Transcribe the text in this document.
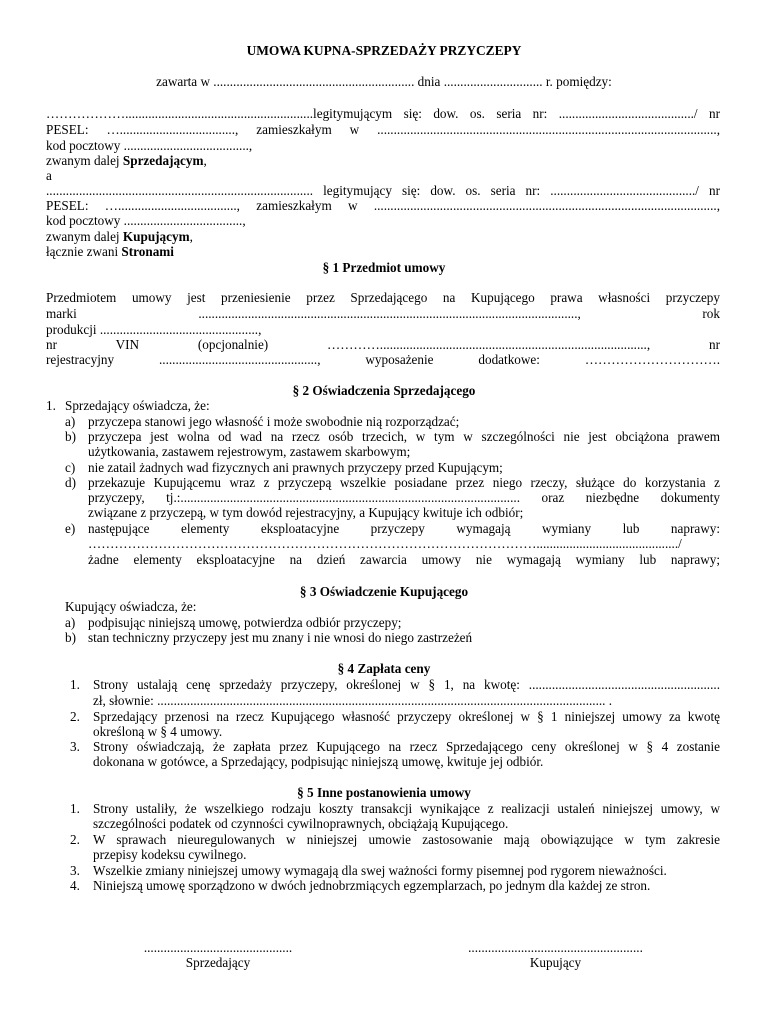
UMOWA KUPNA-SPRZEDAŻY PRZYCZEPY
zawarta w ............................................................. dnia .............................. r. pomiędzy:
……………….........................................................legitymującym się: dow. os. seria nr: ........................................./ nr
PESEL: …..................................., zamieszkałym w .......................................................................................................,
kod pocztowy ......................................,
zwanym dalej Sprzedającym,
a
................................................................................. legitymujący się: dow. os. seria nr: ............................................/ nr
PESEL: …...................................., zamieszkałym w ........................................................................................................,
kod pocztowy ....................................,
zwanym dalej Kupującym,
łącznie zwani Stronami
§ 1 Przedmiot umowy
Przedmiotem umowy jest przeniesienie przez Sprzedającego na Kupującego prawa własności przyczepy
marki ..................................................................................................................., rok
produkcji ................................................,
nr VIN (opcjonalnie) …………................................................................................., nr
rejestracyjny ................................................, wyposażenie dodatkowe: ………………………….
§ 2 Oświadczenia Sprzedającego
1. Sprzedający oświadcza, że:
a) przyczepa stanowi jego własność i może swobodnie nią rozporządzać;
b) przyczepa jest wolna od wad na rzecz osób trzecich, w tym w szczególności nie jest obciążona prawem
użytkowania, zastawem rejestrowym, zastawem skarbowym;
c) nie zatail żadnych wad fizycznych ani prawnych przyczepy przed Kupującym;
d) przekazuje Kupującemu wraz z przyczepą wszelkie posiadane przez niego rzeczy, służące do korzystania z
przyczepy, tj.:....................................................................................................... oraz niezbędne dokumenty
związane z przyczepą, w tym dowód rejestracyjny, a Kupujący kwituje ich odbiór;
e) następujące elementy eksploatacyjne przyczepy wymagają wymiany lub naprawy:
………………………………………………………………………………………….........................................../
żadne elementy eksploatacyjne na dzień zawarcia umowy nie wymagają wymiany lub naprawy;
§ 3 Oświadczenie Kupującego
Kupujący oświadcza, że:
a) podpisując niniejszą umowę, potwierdza odbiór przyczepy;
b) stan techniczny przyczepy jest mu znany i nie wnosi do niego zastrzeżeń
§ 4 Zapłata ceny
1. Strony ustalają cenę sprzedaży przyczepy, określonej w § 1, na kwotę: ..........................................................
zł, słownie: ........................................................................................................................................ .
2. Sprzedający przenosi na rzecz Kupującego własność przyczepy określonej w § 1 niniejszej umowy za kwotę
określoną w § 4 umowy.
3. Strony oświadczają, że zapłata przez Kupującego na rzecz Sprzedającego ceny określonej w § 4 zostanie
dokonana w gotówce, a Sprzedający, podpisując niniejszą umowę, kwituje jej odbiór.
§ 5 Inne postanowienia umowy
1. Strony ustaliły, że wszelkiego rodzaju koszty transakcji wynikające z realizacji ustaleń niniejszej umowy, w
szczególności podatek od czynności cywilnoprawnych, obciążają Kupującego.
2. W sprawach nieuregulowanych w niniejszej umowie zastosowanie mają obowiązujące w tym zakresie
przepisy kodeksu cywilnego.
3. Wszelkie zmiany niniejszej umowy wymagają dla swej ważności formy pisemnej pod rygorem nieważności.
4. Niniejszą umowę sporządzono w dwóch jednobrzmiących egzemplarzach, po jednym dla każdej ze stron.
.............................................
Sprzedający
.....................................................
Kupujący
